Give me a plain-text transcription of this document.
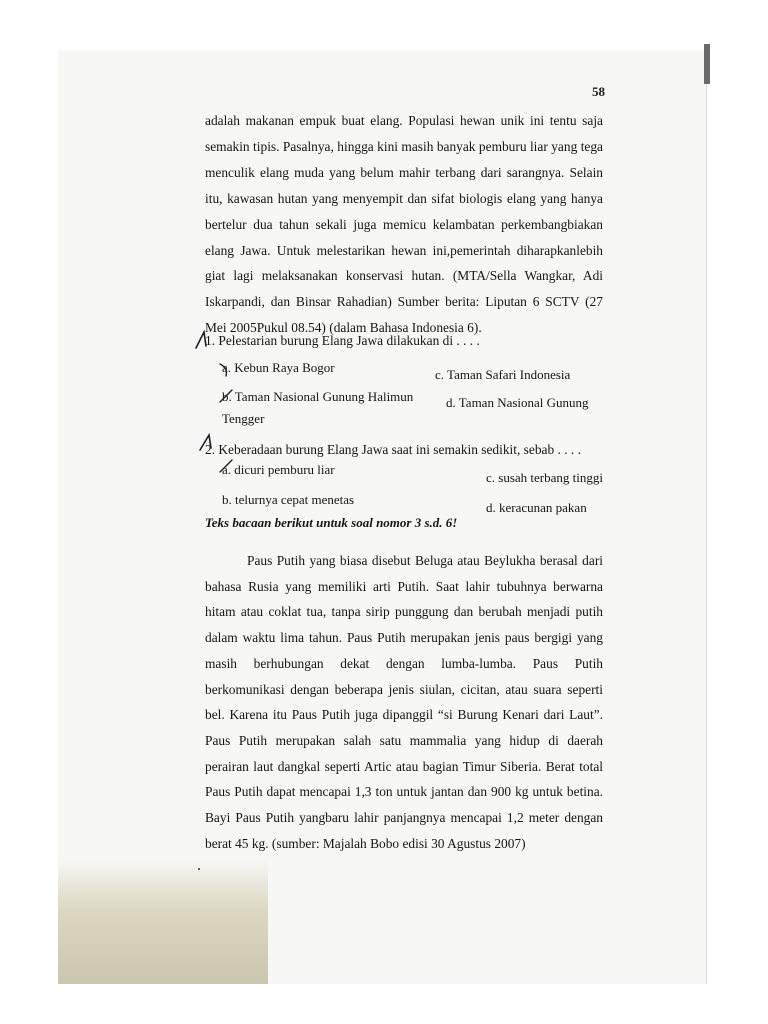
58
adalah makanan empuk buat elang. Populasi hewan unik ini tentu saja semakin tipis. Pasalnya, hingga kini masih banyak pemburu liar yang tega menculik elang muda yang belum mahir terbang dari sarangnya. Selain itu, kawasan hutan yang menyempit dan sifat biologis elang yang hanya bertelur dua tahun sekali juga memicu kelambatan perkembangbiakan elang Jawa. Untuk melestarikan hewan ini,pemerintah diharapkanlebih giat lagi melaksanakan konservasi hutan. (MTA/Sella Wangkar, Adi Iskarpandi, dan Binsar Rahadian) Sumber berita: Liputan 6 SCTV (27 Mei 2005Pukul 08.54) (dalam Bahasa Indonesia 6).
1. Pelestarian burung Elang Jawa dilakukan di . . . .
a. Kebun Raya Bogor	c. Taman Safari Indonesia
b. Taman Nasional Gunung Halimun	d. Taman Nasional Gunung
Tengger
2. Keberadaan burung Elang Jawa saat ini semakin sedikit, sebab . . . .
a. dicuri pemburu liar
c. susah terbang tinggi
b. telurnya cepat menetas
d. keracunan pakan
Teks bacaan berikut untuk soal nomor 3 s.d. 6!
Paus Putih yang biasa disebut Beluga atau Beylukha berasal dari bahasa Rusia yang memiliki arti Putih. Saat lahir tubuhnya berwarna hitam atau coklat tua, tanpa sirip punggung dan berubah menjadi putih dalam waktu lima tahun. Paus Putih merupakan jenis paus bergigi yang masih berhubungan dekat dengan lumba-lumba. Paus Putih berkomunikasi dengan beberapa jenis siulan, cicitan, atau suara seperti bel. Karena itu Paus Putih juga dipanggil “si Burung Kenari dari Laut”. Paus Putih merupakan salah satu mammalia yang hidup di daerah perairan laut dangkal seperti Artic atau bagian Timur Siberia. Berat total Paus Putih dapat mencapai 1,3 ton untuk jantan dan 900 kg untuk betina. Bayi Paus Putih yangbaru lahir panjangnya mencapai 1,2 meter dengan berat 45 kg. (sumber: Majalah Bobo edisi 30 Agustus 2007)
